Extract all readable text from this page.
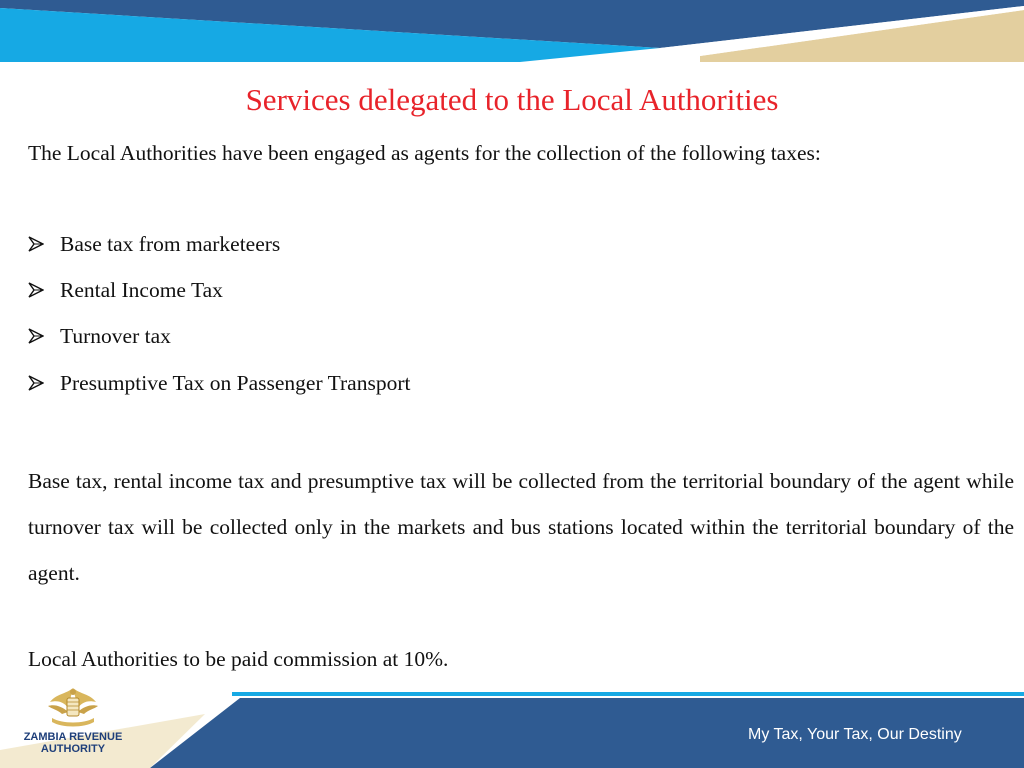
Services delegated to the Local Authorities
The Local Authorities have been engaged as agents for the collection of the following taxes:
Base tax from marketeers
Rental Income Tax
Turnover tax
Presumptive Tax on Passenger Transport

Base tax, rental income tax and presumptive tax will be collected from the territorial boundary of the agent while turnover tax will be collected only in the markets and bus stations located within the territorial boundary of the agent.

Local Authorities to be paid commission at 10%.
ZAMBIA REVENUE
AUTHORITY
My Tax, Your Tax, Our Destiny
